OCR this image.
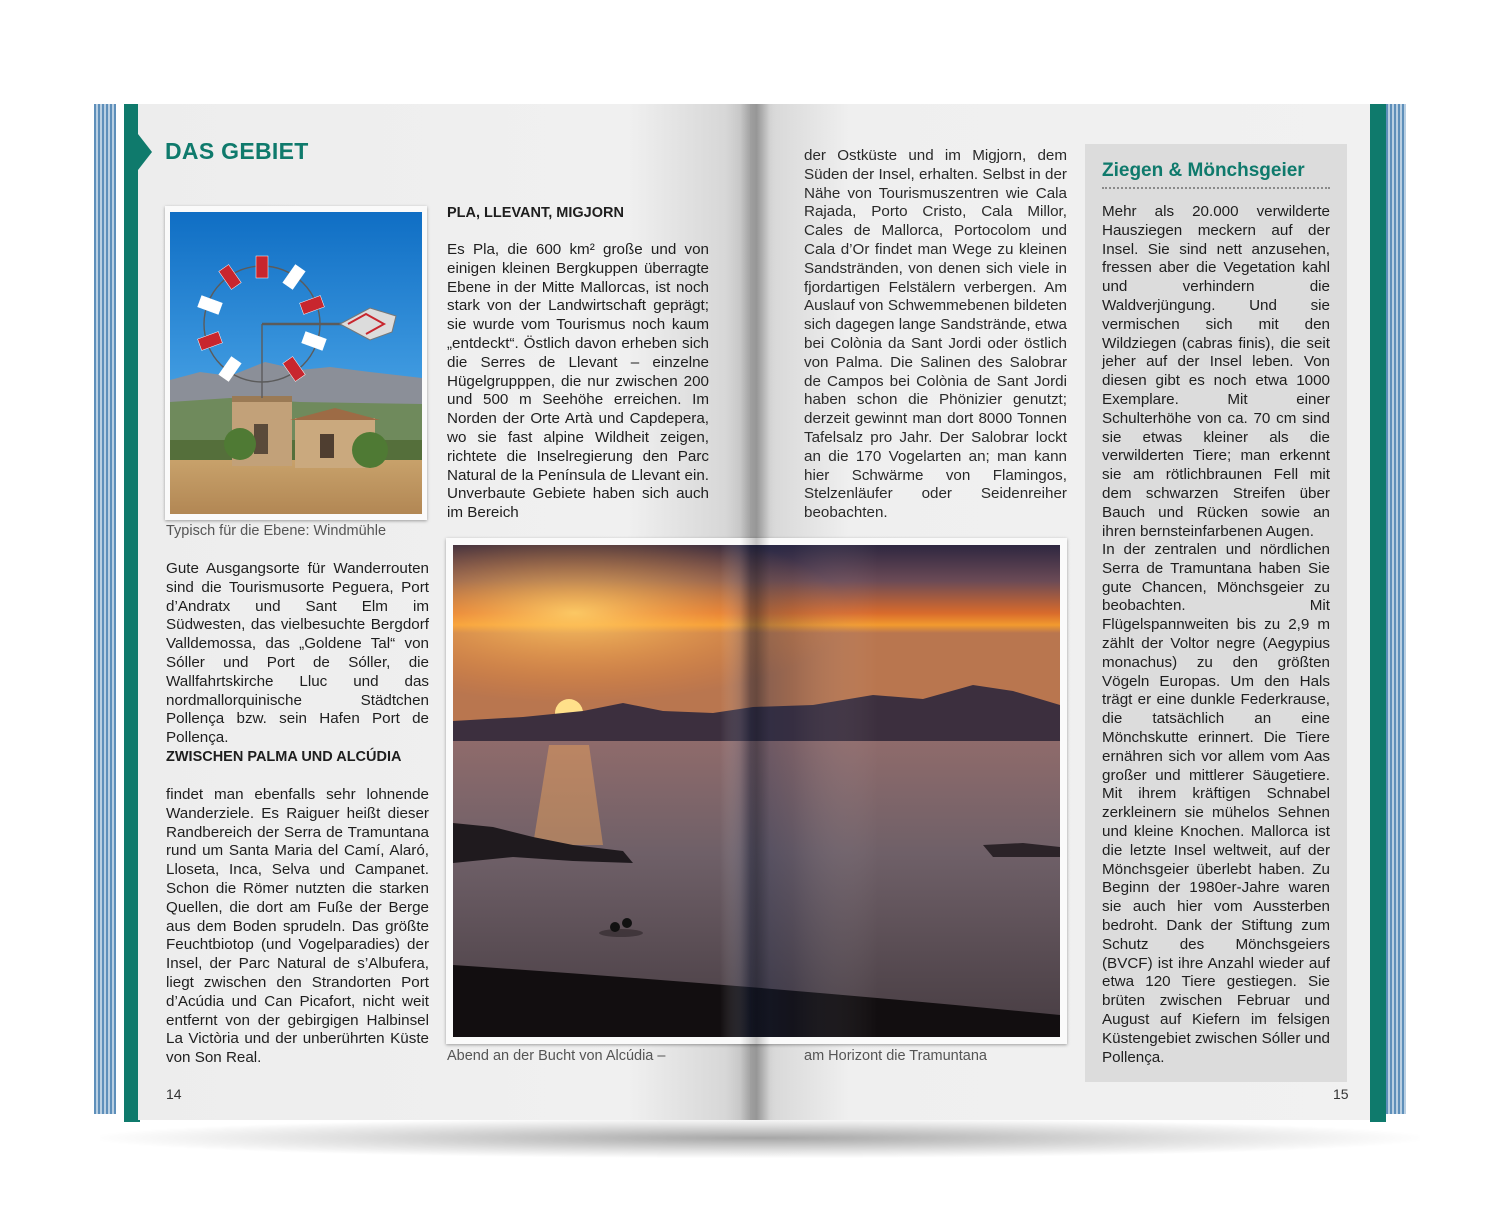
DAS GEBIET

Typisch für die Ebene: Windmühle

Gute Ausgangsorte für Wanderrouten sind die Tourismusorte Peguera, Port d’Andratx und Sant Elm im Südwesten, das vielbesuchte Bergdorf Valldemossa, das „Goldene Tal“ von Sóller und Port de Sóller, die Wallfahrtskirche Lluc und das nordmallorquinische Städtchen Pollença bzw. sein Hafen Port de Pollença.

ZWISCHEN PALMA UND ALCÚDIA

findet man ebenfalls sehr lohnende Wanderziele. Es Raiguer heißt dieser Randbereich der Serra de Tramuntana rund um Santa Maria del Camí, Alaró, Lloseta, Inca, Selva und Campanet. Schon die Römer nutzten die starken Quellen, die dort am Fuße der Berge aus dem Boden sprudeln. Das größte Feuchtbiotop (und Vogelparadies) der Insel, der Parc Natural de s’Albufera, liegt zwischen den Strandorten Port d’Acúdia und Can Picafort, nicht weit entfernt von der gebirgigen Halbinsel La Victòria und der unberührten Küste von Son Real.

PLA, LLEVANT, MIGJORN

Es Pla, die 600 km² große und von einigen kleinen Bergkuppen überragte Ebene in der Mitte Mallorcas, ist noch stark von der Landwirtschaft geprägt; sie wurde vom Tourismus noch kaum „entdeckt“. Östlich davon erheben sich die Serres de Llevant – einzelne Hügelgrupppen, die nur zwischen 200 und 500 m Seehöhe erreichen. Im Norden der Orte Artà und Capdepera, wo sie fast alpine Wildheit zeigen, richtete die Inselregierung den Parc Natural de la Península de Llevant ein. Unverbaute Gebiete haben sich auch im Bereich

Abend an der Bucht von Alcúdia –

14

der Ostküste und im Migjorn, dem Süden der Insel, erhalten. Selbst in der Nähe von Tourismuszentren wie Cala Rajada, Porto Cristo, Cala Millor, Cales de Mallorca, Portocolom und Cala d’Or findet man Wege zu kleinen Sandstränden, von denen sich viele in fjordartigen Felstälern verbergen. Am Auslauf von Schwemmebenen bildeten sich dagegen lange Sandstrände, etwa bei Colònia da Sant Jordi oder östlich von Palma. Die Salinen des Salobrar de Campos bei Colònia de Sant Jordi haben schon die Phönizier genutzt; derzeit gewinnt man dort 8000 Tonnen Tafelsalz pro Jahr. Der Salobrar lockt an die 170 Vogelarten an; man kann hier Schwärme von Flamingos, Stelzenläufer oder Seidenreiher beobachten.

am Horizont die Tramuntana

Ziegen & Mönchsgeier

Mehr als 20.000 verwilderte Hausziegen meckern auf der Insel. Sie sind nett anzusehen, fressen aber die Vegetation kahl und verhindern die Waldverjüngung. Und sie vermischen sich mit den Wildziegen (cabras finis), die seit jeher auf der Insel leben. Von diesen gibt es noch etwa 1000 Exemplare. Mit einer Schulterhöhe von ca. 70 cm sind sie etwas kleiner als die verwilderten Tiere; man erkennt sie am rötlichbraunen Fell mit dem schwarzen Streifen über Bauch und Rücken sowie an ihren bernsteinfarbenen Augen.

In der zentralen und nördlichen Serra de Tramuntana haben Sie gute Chancen, Mönchsgeier zu beobachten. Mit Flügelspannweiten bis zu 2,9 m zählt der Voltor negre (Aegypius monachus) zu den größten Vögeln Europas. Um den Hals trägt er eine dunkle Federkrause, die tatsächlich an eine Mönchskutte erinnert. Die Tiere ernähren sich vor allem vom Aas großer und mittlerer Säugetiere. Mit ihrem kräftigen Schnabel zerkleinern sie mühelos Sehnen und kleine Knochen. Mallorca ist die letzte Insel weltweit, auf der Mönchsgeier überlebt haben. Zu Beginn der 1980er-Jahre waren sie auch hier vom Aussterben bedroht. Dank der Stiftung zum Schutz des Mönchsgeiers (BVCF) ist ihre Anzahl wieder auf etwa 120 Tiere gestiegen. Sie brüten zwischen Februar und August auf Kiefern im felsigen Küstengebiet zwischen Sóller und Pollença.

15
